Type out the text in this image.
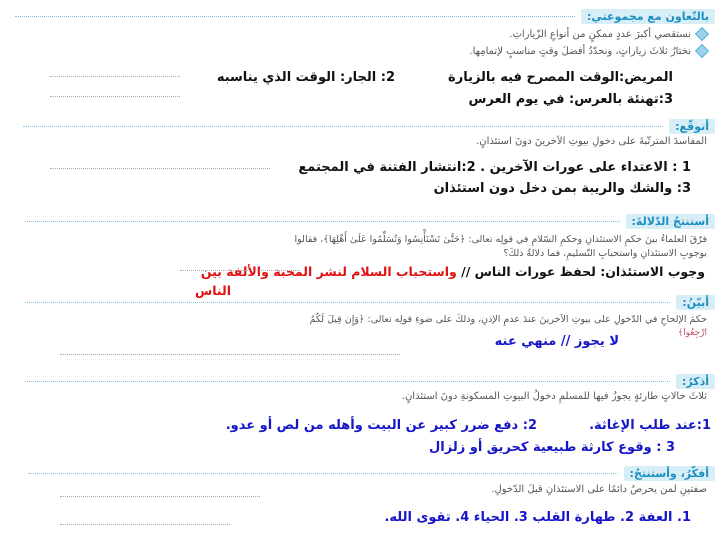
بالتّعاون مع مجموعتي:
نستقصي أكبرَ عددٍ ممكنٍ من أنواعِ الزّياراتِ.
نختارُ ثلاثَ زياراتٍ، ونحدّدُ أفضلَ وقتٍ مناسبٍ لإتمامِها.
المريض:الوقت المصرح فيه بالزيارة
2: الجار: الوقت الذي يناسبه
3:تهنئة بالعرس: في يوم العرس
أتوقّع:
المفاسدَ المترتّبةَ على دخولِ بيوتِ الآخرينَ دونَ استئذانٍ.
1 : الاعتداء على عورات الآخرين . 2:انتشار الفتنة في المجتمع
3: والشك والريبة بمن دخل دون استئذان
أستنتجُ الدّلالةَ:
فرّقَ العلماءُ بينَ حكمِ الاستئذانِ وحكمِ السّلامِ في قولِه تعالى: ﴿حَتَّىٰ تَسْتَأْنِسُوا وَتُسَلِّمُوا عَلَىٰ أَهْلِهَا﴾، فقالوا
بوجوبِ الاستئذانِ واستحبابِ التّسليمِ، فما دلالةُ ذلكَ؟
وجوب الاستئذان: لحفظ عورات الناس // واستحباب السلام لنشر المحبة والألفة بين
الناس
أبيّنُ:
حكمَ الإلحاحِ في الدّخولِ على بيوتِ الآخرينَ عندَ عدمِ الإذنِ، وذلكَ على ضوءِ قولِه تعالى: ﴿وَإِن قِيلَ لَكُمُ
ارْجِعُوا﴾
لا يجوز // منهي عنه
أذكرُ:
ثلاثَ حالاتٍ طارئةٍ يجوزُ فيها للمسلمِ دخولُ البيوتِ المسكونةِ دونَ استئذانٍ.
1:عند طلب الإغاثة.
2: دفع ضرر كبير عن البيت وأهله من لص أو عدو.
3 : وقوع كارثة طبيعية كحريق أو زلزال
أفكّرُ، وأستنتجُ:
صفتينِ لمن يحرصُ دائمًا على الاستئذانِ قبلَ الدّخولِ.
1. العفة 2. طهارة القلب 3. الحياء 4. تقوى الله.
